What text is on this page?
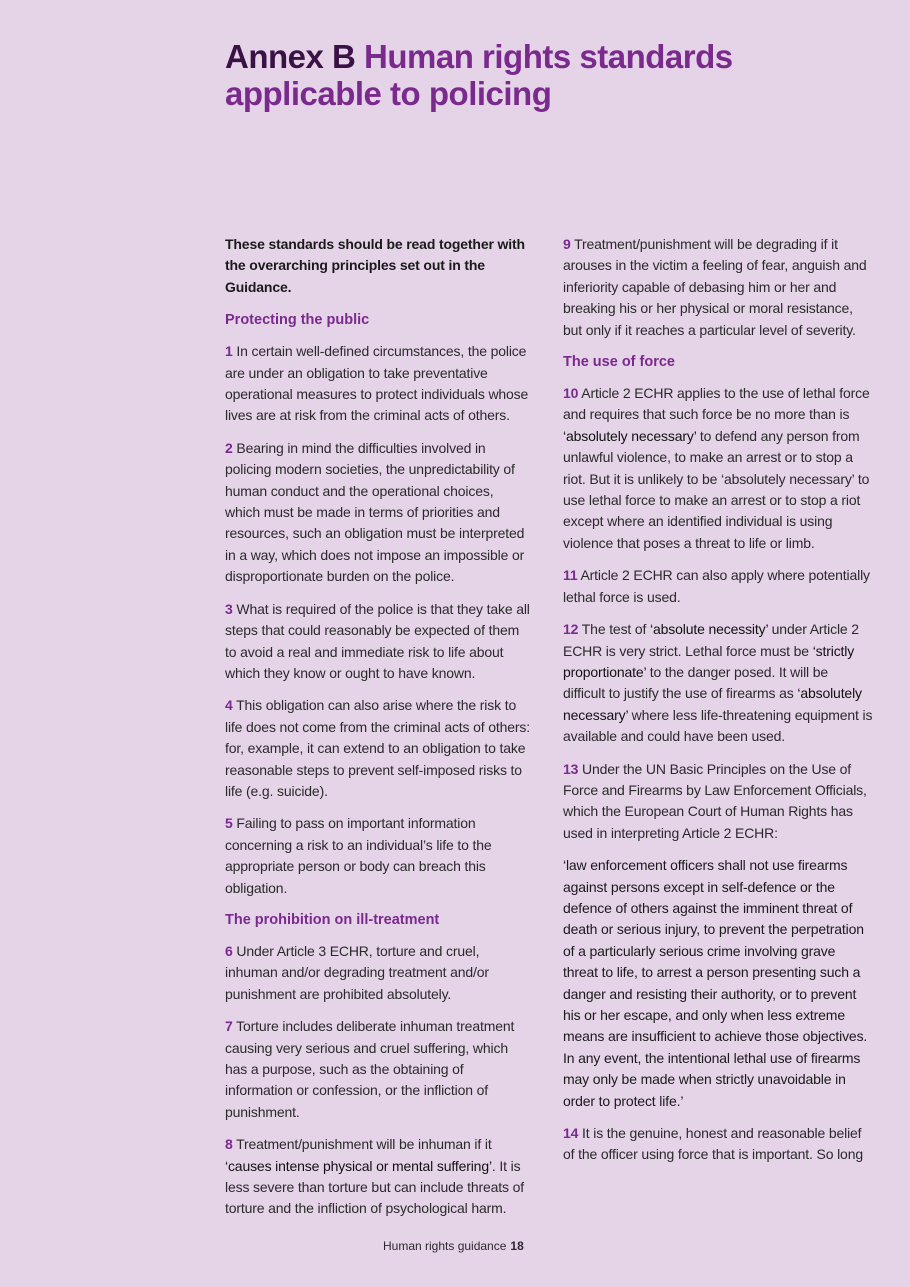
Annex B Human rights standards applicable to policing

These standards should be read together with the overarching principles set out in the Guidance.

Protecting the public

1 In certain well-defined circumstances, the police are under an obligation to take preventative operational measures to protect individuals whose lives are at risk from the criminal acts of others.

2 Bearing in mind the difficulties involved in policing modern societies, the unpredictability of human conduct and the operational choices, which must be made in terms of priorities and resources, such an obligation must be interpreted in a way, which does not impose an impossible or disproportionate burden on the police.

3 What is required of the police is that they take all steps that could reasonably be expected of them to avoid a real and immediate risk to life about which they know or ought to have known.

4 This obligation can also arise where the risk to life does not come from the criminal acts of others: for, example, it can extend to an obligation to take reasonable steps to prevent self-imposed risks to life (e.g. suicide).

5 Failing to pass on important information concerning a risk to an individual’s life to the appropriate person or body can breach this obligation.

The prohibition on ill-treatment

6 Under Article 3 ECHR, torture and cruel, inhuman and/or degrading treatment and/or punishment are prohibited absolutely.

7 Torture includes deliberate inhuman treatment causing very serious and cruel suffering, which has a purpose, such as the obtaining of information or confession, or the infliction of punishment.

8 Treatment/punishment will be inhuman if it ‘causes intense physical or mental suffering’. It is less severe than torture but can include threats of torture and the infliction of psychological harm.

9 Treatment/punishment will be degrading if it arouses in the victim a feeling of fear, anguish and inferiority capable of debasing him or her and breaking his or her physical or moral resistance, but only if it reaches a particular level of severity.

The use of force

10 Article 2 ECHR applies to the use of lethal force and requires that such force be no more than is ‘absolutely necessary’ to defend any person from unlawful violence, to make an arrest or to stop a riot. But it is unlikely to be ‘absolutely necessary’ to use lethal force to make an arrest or to stop a riot except where an identified individual is using violence that poses a threat to life or limb.

11 Article 2 ECHR can also apply where potentially lethal force is used.

12 The test of ‘absolute necessity’ under Article 2 ECHR is very strict. Lethal force must be ‘strictly proportionate’ to the danger posed. It will be difficult to justify the use of firearms as ‘absolutely necessary’ where less life-threatening equipment is available and could have been used.

13 Under the UN Basic Principles on the Use of Force and Firearms by Law Enforcement Officials, which the European Court of Human Rights has used in interpreting Article 2 ECHR:

‘law enforcement officers shall not use firearms against persons except in self-defence or the defence of others against the imminent threat of death or serious injury, to prevent the perpetration of a particularly serious crime involving grave threat to life, to arrest a person presenting such a danger and resisting their authority, or to prevent his or her escape, and only when less extreme means are insufficient to achieve those objectives. In any event, the intentional lethal use of firearms may only be made when strictly unavoidable in order to protect life.’

14 It is the genuine, honest and reasonable belief of the officer using force that is important. So long

Human rights guidance 18
